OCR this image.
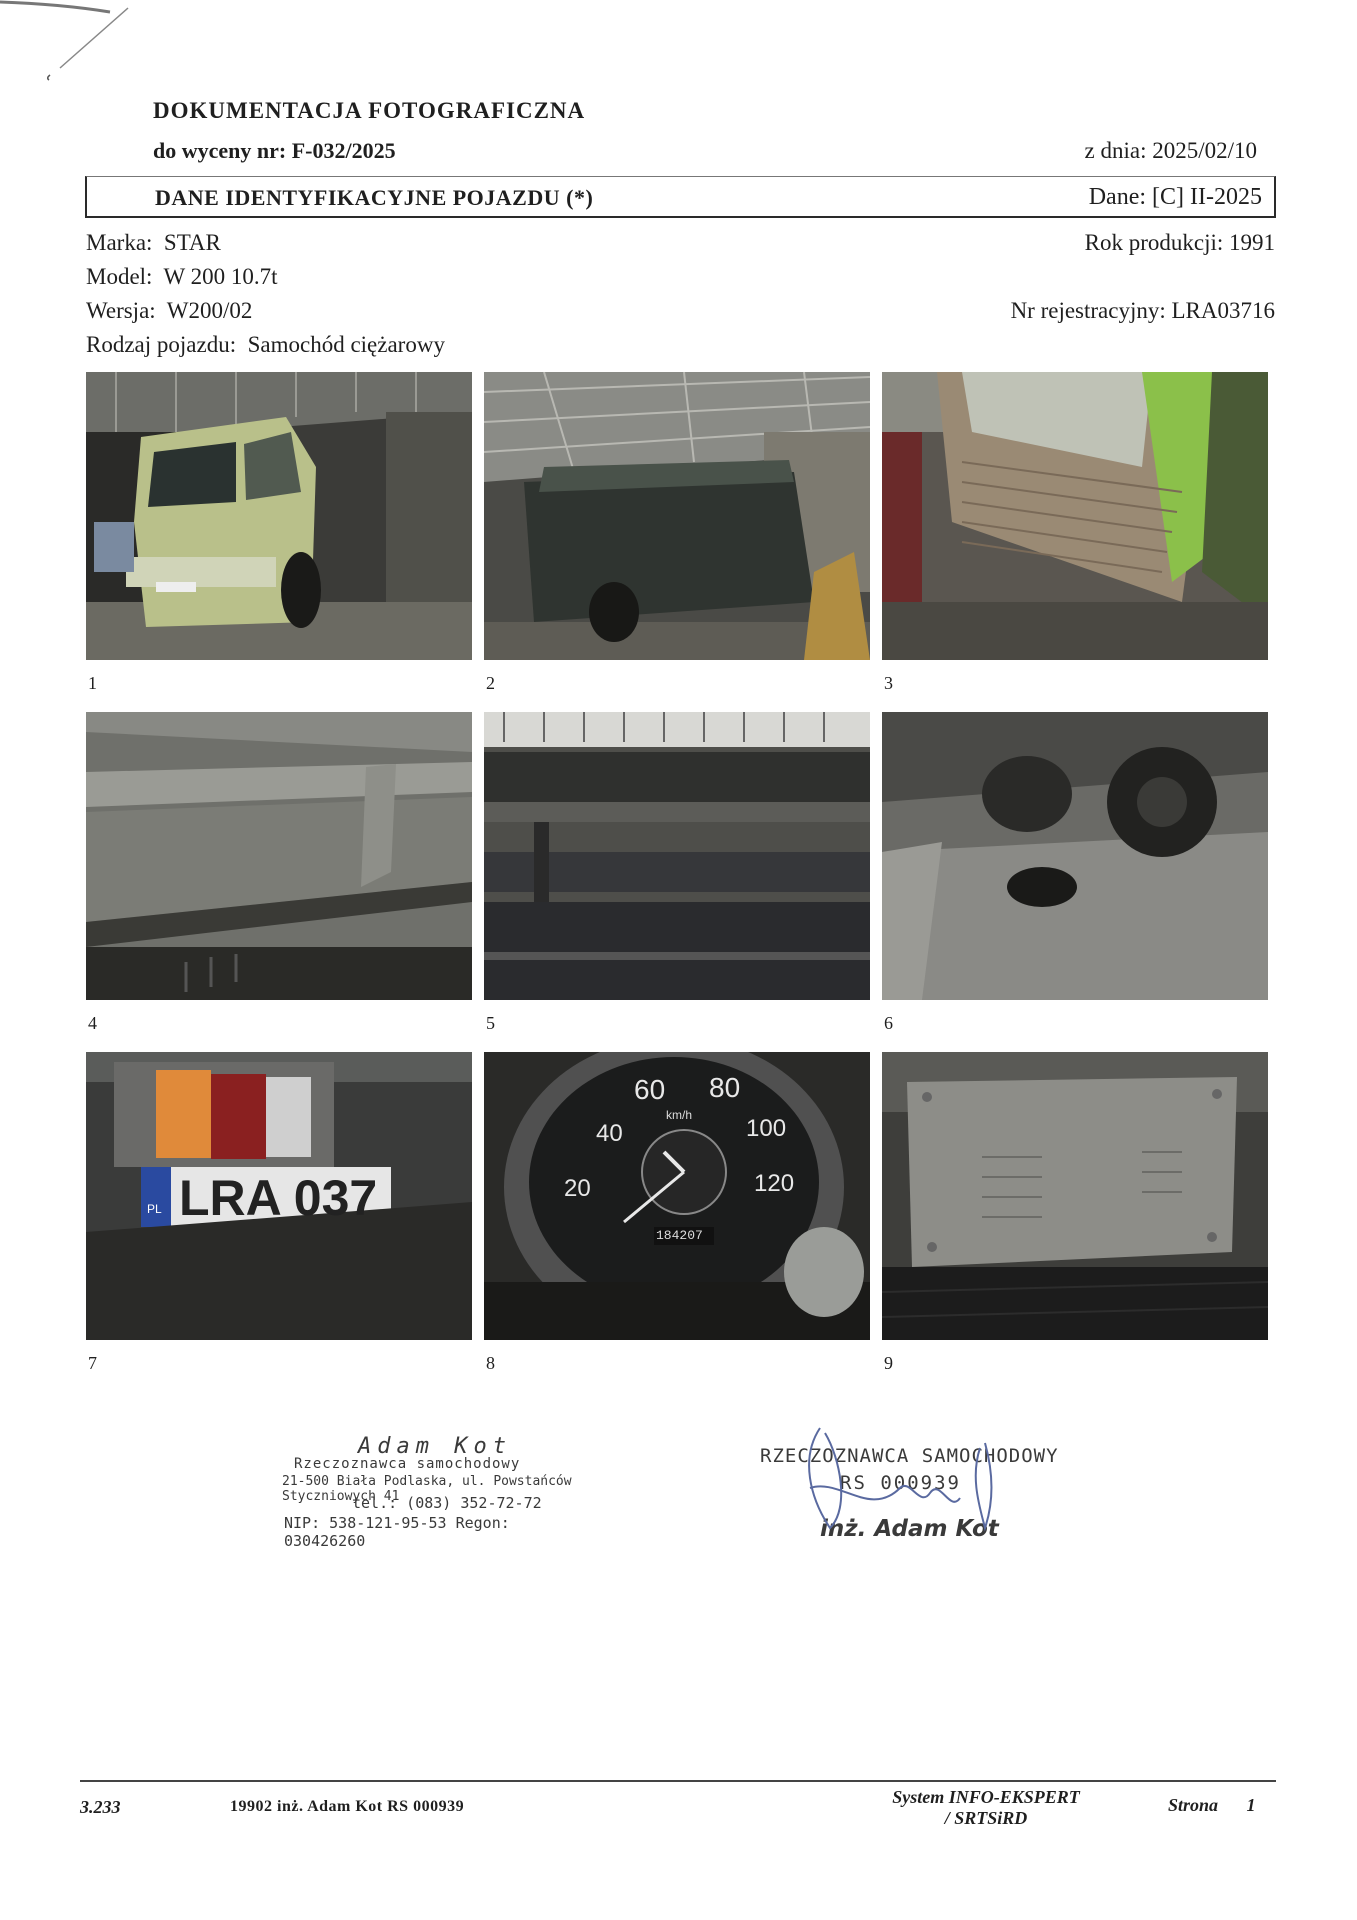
DOKUMENTACJA FOTOGRAFICZNA
do wyceny nr: F-032/2025	z dnia: 2025/02/10
DANE IDENTYFIKACYJNE POJAZDU (*)	Dane: [C] II-2025
Marka: STAR
Model: W 200 10.7t
Wersja: W200/02
Rodzaj pojazdu: Samochód ciężarowy
Rok produkcji: 1991
Nr rejestracyjny: LRA03716
1	2	3
4	5	6
LRA 037
PL
20
40
60 80
100
120
km/h
184207
7	8	9
Adam Kot
Rzeczoznawca samochodowy
21-500 Biała Podlaska, ul. Powstańców Styczniowych 41
tel.: (083) 352-72-72
NIP: 538-121-95-53 Regon: 030426260
RZECZOZNAWCA SAMOCHODOWY
RS 000939
inż. Adam Kot
3.233	19902 inż. Adam Kot RS 000939	System INFO-EKSPERT
/ SRTSiRD
Strona 1
